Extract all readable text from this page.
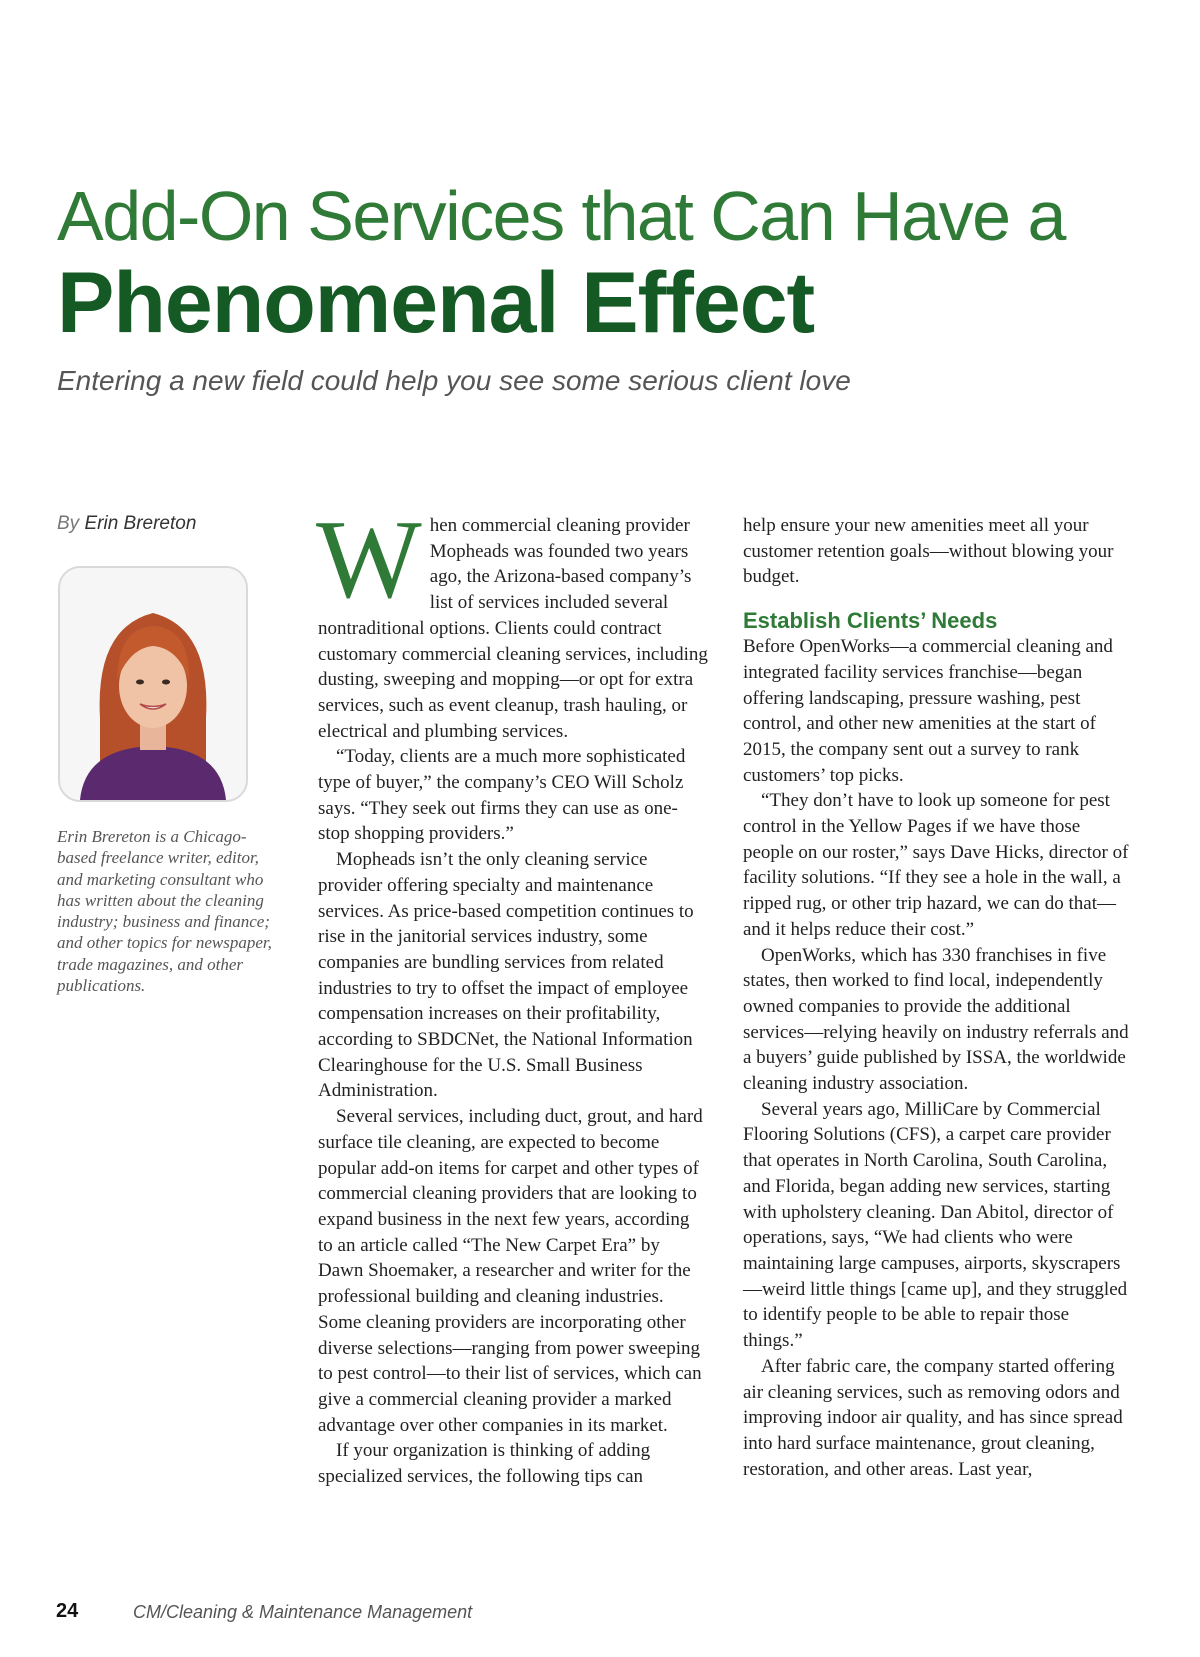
Add-On Services that Can Have a
Phenomenal Effect

Entering a new field could help you see some serious client love

By Erin Brereton
Erin Brereton is a Chicago-based freelance writer, editor, and marketing consultant who has written about the cleaning industry; business and finance; and other topics for newspaper, trade magazines, and other publications.

When commercial cleaning provider Mopheads was founded two years ago, the Arizona-based company’s list of services included several nontraditional options. Clients could contract customary commercial cleaning services, including dusting, sweeping and mopping—or opt for extra services, such as event cleanup, trash hauling, or electrical and plumbing services.

“Today, clients are a much more sophisticated type of buyer,” the company’s CEO Will Scholz says. “They seek out firms they can use as one-stop shopping providers.”

Mopheads isn’t the only cleaning service provider offering specialty and maintenance services. As price-based competition continues to rise in the janitorial services industry, some companies are bundling services from related industries to try to offset the impact of employee compensation increases on their profitability, according to SBDCNet, the National Information Clearinghouse for the U.S. Small Business Administration.

Several services, including duct, grout, and hard surface tile cleaning, are expected to become popular add-on items for carpet and other types of commercial cleaning providers that are looking to expand business in the next few years, according to an article called “The New Carpet Era” by Dawn Shoemaker, a researcher and writer for the professional building and cleaning industries. Some cleaning providers are incorporating other diverse selections—ranging from power sweeping to pest control—to their list of services, which can give a commercial cleaning provider a marked advantage over other companies in its market.

If your organization is thinking of adding specialized services, the following tips can

help ensure your new amenities meet all your customer retention goals—without blowing your budget.

Establish Clients’ Needs

Before OpenWorks—a commercial cleaning and integrated facility services franchise—began offering landscaping, pressure washing, pest control, and other new amenities at the start of 2015, the company sent out a survey to rank customers’ top picks.

“They don’t have to look up someone for pest control in the Yellow Pages if we have those people on our roster,” says Dave Hicks, director of facility solutions. “If they see a hole in the wall, a ripped rug, or other trip hazard, we can do that—and it helps reduce their cost.”

OpenWorks, which has 330 franchises in five states, then worked to find local, independently owned companies to provide the additional services—relying heavily on industry referrals and a buyers’ guide published by ISSA, the worldwide cleaning industry association.

Several years ago, MilliCare by Commercial Flooring Solutions (CFS), a carpet care provider that operates in North Carolina, South Carolina, and Florida, began adding new services, starting with upholstery cleaning. Dan Abitol, director of operations, says, “We had clients who were maintaining large campuses, airports, skyscrapers—weird little things [came up], and they struggled to identify people to be able to repair those things.”

After fabric care, the company started offering air cleaning services, such as removing odors and improving indoor air quality, and has since spread into hard surface maintenance, grout cleaning, restoration, and other areas. Last year,

24	CM/Cleaning & Maintenance Management
